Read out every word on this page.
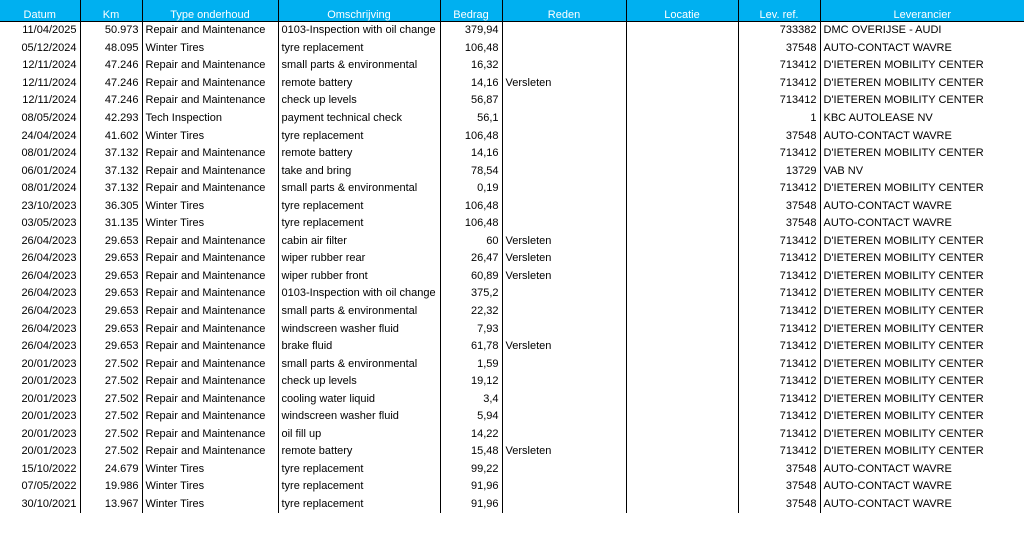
Datum	Km	Type onderhoud	Omschrijving	Bedrag	Reden	Locatie	Lev. ref.	Leverancier
11/04/2025	50.973	Repair and Maintenance	0103-Inspection with oil change	379,94			733382	DMC OVERIJSE - AUDI
05/12/2024	48.095	Winter Tires	tyre replacement	106,48			37548	AUTO-CONTACT WAVRE
12/11/2024	47.246	Repair and Maintenance	small parts & environmental	16,32			713412	D'IETEREN MOBILITY CENTER
12/11/2024	47.246	Repair and Maintenance	remote battery	14,16	Versleten		713412	D'IETEREN MOBILITY CENTER
12/11/2024	47.246	Repair and Maintenance	check up levels	56,87			713412	D'IETEREN MOBILITY CENTER
08/05/2024	42.293	Tech Inspection	payment technical check	56,1			1	KBC AUTOLEASE NV
24/04/2024	41.602	Winter Tires	tyre replacement	106,48			37548	AUTO-CONTACT WAVRE
08/01/2024	37.132	Repair and Maintenance	remote battery	14,16			713412	D'IETEREN MOBILITY CENTER
06/01/2024	37.132	Repair and Maintenance	take and bring	78,54			13729	VAB NV
08/01/2024	37.132	Repair and Maintenance	small parts & environmental	0,19			713412	D'IETEREN MOBILITY CENTER
23/10/2023	36.305	Winter Tires	tyre replacement	106,48			37548	AUTO-CONTACT WAVRE
03/05/2023	31.135	Winter Tires	tyre replacement	106,48			37548	AUTO-CONTACT WAVRE
26/04/2023	29.653	Repair and Maintenance	cabin air filter	60	Versleten		713412	D'IETEREN MOBILITY CENTER
26/04/2023	29.653	Repair and Maintenance	wiper rubber rear	26,47	Versleten		713412	D'IETEREN MOBILITY CENTER
26/04/2023	29.653	Repair and Maintenance	wiper rubber front	60,89	Versleten		713412	D'IETEREN MOBILITY CENTER
26/04/2023	29.653	Repair and Maintenance	0103-Inspection with oil change	375,2			713412	D'IETEREN MOBILITY CENTER
26/04/2023	29.653	Repair and Maintenance	small parts & environmental	22,32			713412	D'IETEREN MOBILITY CENTER
26/04/2023	29.653	Repair and Maintenance	windscreen washer fluid	7,93			713412	D'IETEREN MOBILITY CENTER
26/04/2023	29.653	Repair and Maintenance	brake fluid	61,78	Versleten		713412	D'IETEREN MOBILITY CENTER
20/01/2023	27.502	Repair and Maintenance	small parts & environmental	1,59			713412	D'IETEREN MOBILITY CENTER
20/01/2023	27.502	Repair and Maintenance	check up levels	19,12			713412	D'IETEREN MOBILITY CENTER
20/01/2023	27.502	Repair and Maintenance	cooling water liquid	3,4			713412	D'IETEREN MOBILITY CENTER
20/01/2023	27.502	Repair and Maintenance	windscreen washer fluid	5,94			713412	D'IETEREN MOBILITY CENTER
20/01/2023	27.502	Repair and Maintenance	oil fill up	14,22			713412	D'IETEREN MOBILITY CENTER
20/01/2023	27.502	Repair and Maintenance	remote battery	15,48	Versleten		713412	D'IETEREN MOBILITY CENTER
15/10/2022	24.679	Winter Tires	tyre replacement	99,22			37548	AUTO-CONTACT WAVRE
07/05/2022	19.986	Winter Tires	tyre replacement	91,96			37548	AUTO-CONTACT WAVRE
30/10/2021	13.967	Winter Tires	tyre replacement	91,96			37548	AUTO-CONTACT WAVRE
